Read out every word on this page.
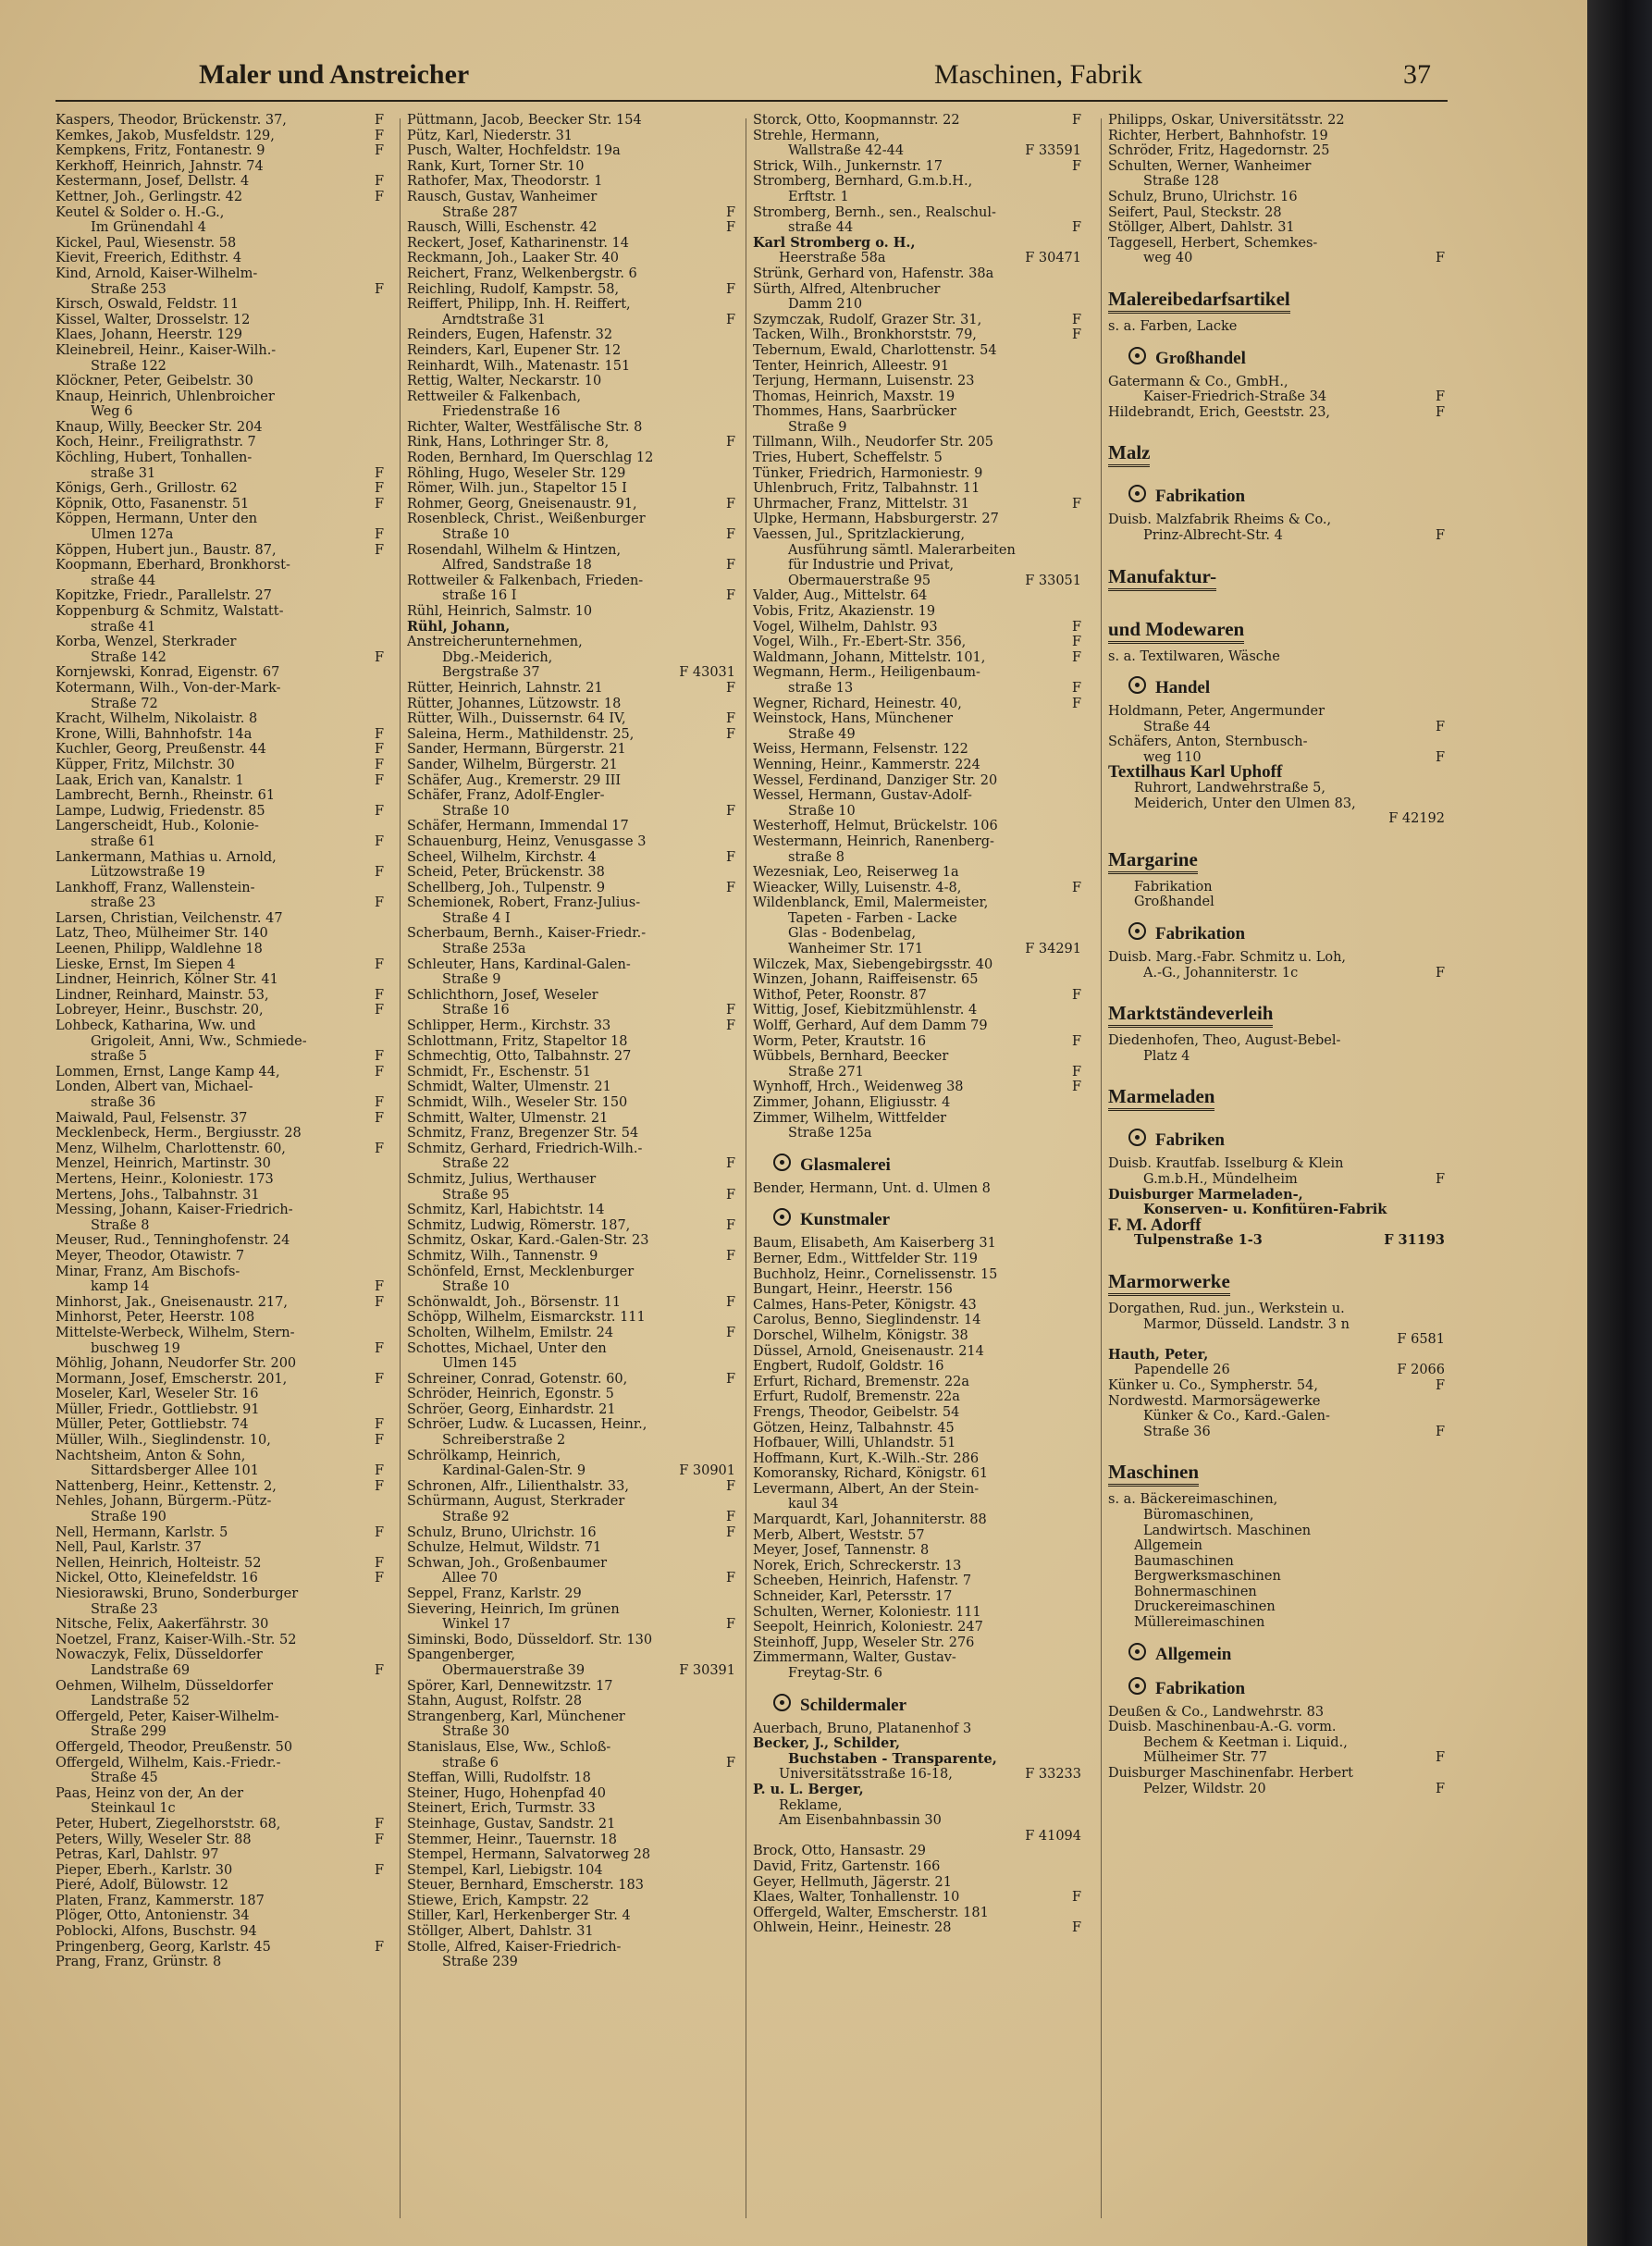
Maler und Anstreicher	Maschinen, Fabrik	37
Kaspers, Theodor, Brückenstr. 37,	F
Kemkes, Jakob, Musfeldstr. 129,	F
Kempkens, Fritz, Fontanestr. 9	F
Kerkhoff, Heinrich, Jahnstr. 74
Kestermann, Josef, Dellstr. 4	F
Kettner, Joh., Gerlingstr. 42	F
Keutel & Solder o. H.-G.,
Im Grünendahl 4
Kickel, Paul, Wiesenstr. 58
Kievit, Freerich, Edithstr. 4
Kind, Arnold, Kaiser-Wilhelm-
Straße 253	F
Kirsch, Oswald, Feldstr. 11
Kissel, Walter, Drosselstr. 12
Klaes, Johann, Heerstr. 129
Kleinebreil, Heinr., Kaiser-Wilh.-
Straße 122
Klöckner, Peter, Geibelstr. 30
Knaup, Heinrich, Uhlenbroicher
Weg 6
Knaup, Willy, Beecker Str. 204
Koch, Heinr., Freiligrathstr. 7
Köchling, Hubert, Tonhallen-
straße 31	F
Königs, Gerh., Grillostr. 62	F
Köpnik, Otto, Fasanenstr. 51	F
Köppen, Hermann, Unter den
Ulmen 127a	F
Köppen, Hubert jun., Baustr. 87,	F
Koopmann, Eberhard, Bronkhorst-
straße 44
Kopitzke, Friedr., Parallelstr. 27
Koppenburg & Schmitz, Walstatt-
straße 41
Korba, Wenzel, Sterkrader
Straße 142	F
Kornjewski, Konrad, Eigenstr. 67
Kotermann, Wilh., Von-der-Mark-
Straße 72
Kracht, Wilhelm, Nikolaistr. 8
Krone, Willi, Bahnhofstr. 14a	F
Kuchler, Georg, Preußenstr. 44	F
Küpper, Fritz, Milchstr. 30	F
Laak, Erich van, Kanalstr. 1	F
Lambrecht, Bernh., Rheinstr. 61
Lampe, Ludwig, Friedenstr. 85	F
Langerscheidt, Hub., Kolonie-
straße 61	F
Lankermann, Mathias u. Arnold,
Lützowstraße 19	F
Lankhoff, Franz, Wallenstein-
straße 23	F
Larsen, Christian, Veilchenstr. 47
Latz, Theo, Mülheimer Str. 140
Leenen, Philipp, Waldlehne 18
Lieske, Ernst, Im Siepen 4	F
Lindner, Heinrich, Kölner Str. 41
Lindner, Reinhard, Mainstr. 53,	F
Lobreyer, Heinr., Buschstr. 20,	F
Lohbeck, Katharina, Ww. und
Grigoleit, Anni, Ww., Schmiede-
straße 5	F
Lommen, Ernst, Lange Kamp 44,	F
Londen, Albert van, Michael-
straße 36	F
Maiwald, Paul, Felsenstr. 37	F
Mecklenbeck, Herm., Bergiusstr. 28
Menz, Wilhelm, Charlottenstr. 60,	F
Menzel, Heinrich, Martinstr. 30
Mertens, Heinr., Koloniestr. 173
Mertens, Johs., Talbahnstr. 31
Messing, Johann, Kaiser-Friedrich-
Straße 8
Meuser, Rud., Tenninghofenstr. 24
Meyer, Theodor, Otawistr. 7
Minar, Franz, Am Bischofs-
kamp 14	F
Minhorst, Jak., Gneisenaustr. 217,	F
Minhorst, Peter, Heerstr. 108
Mittelste-Werbeck, Wilhelm, Stern-
buschweg 19	F
Möhlig, Johann, Neudorfer Str. 200
Mormann, Josef, Emscherstr. 201,	F
Moseler, Karl, Weseler Str. 16
Müller, Friedr., Gottliebstr. 91
Müller, Peter, Gottliebstr. 74	F
Müller, Wilh., Sieglindenstr. 10,	F
Nachtsheim, Anton & Sohn,
Sittardsberger Allee 101	F
Nattenberg, Heinr., Kettenstr. 2,	F
Nehles, Johann, Bürgerm.-Pütz-
Straße 190
Nell, Hermann, Karlstr. 5	F
Nell, Paul, Karlstr. 37
Nellen, Heinrich, Holteistr. 52	F
Nickel, Otto, Kleinefeldstr. 16	F
Niesiorawski, Bruno, Sonderburger
Straße 23
Nitsche, Felix, Aakerfährstr. 30
Noetzel, Franz, Kaiser-Wilh.-Str. 52
Nowaczyk, Felix, Düsseldorfer
Landstraße 69	F
Oehmen, Wilhelm, Düsseldorfer
Landstraße 52
Offergeld, Peter, Kaiser-Wilhelm-
Straße 299
Offergeld, Theodor, Preußenstr. 50
Offergeld, Wilhelm, Kais.-Friedr.-
Straße 45
Paas, Heinz von der, An der
Steinkaul 1c
Peter, Hubert, Ziegelhorststr. 68,	F
Peters, Willy, Weseler Str. 88	F
Petras, Karl, Dahlstr. 97
Pieper, Eberh., Karlstr. 30	F
Pieré, Adolf, Bülowstr. 12
Platen, Franz, Kammerstr. 187
Plöger, Otto, Antonienstr. 34
Poblocki, Alfons, Buschstr. 94
Pringenberg, Georg, Karlstr. 45	F
Prang, Franz, Grünstr. 8
Püttmann, Jacob, Beecker Str. 154
Pütz, Karl, Niederstr. 31
Pusch, Walter, Hochfeldstr. 19a
Rank, Kurt, Torner Str. 10
Rathofer, Max, Theodorstr. 1
Rausch, Gustav, Wanheimer
Straße 287	F
Rausch, Willi, Eschenstr. 42	F
Reckert, Josef, Katharinenstr. 14
Reckmann, Joh., Laaker Str. 40
Reichert, Franz, Welkenbergstr. 6
Reichling, Rudolf, Kampstr. 58,	F
Reiffert, Philipp, Inh. H. Reiffert,
Arndtstraße 31	F
Reinders, Eugen, Hafenstr. 32
Reinders, Karl, Eupener Str. 12
Reinhardt, Wilh., Matenastr. 151
Rettig, Walter, Neckarstr. 10
Rettweiler & Falkenbach,
Friedenstraße 16
Richter, Walter, Westfälische Str. 8
Rink, Hans, Lothringer Str. 8,	F
Roden, Bernhard, Im Querschlag 12
Röhling, Hugo, Weseler Str. 129
Römer, Wilh. jun., Stapeltor 15 I
Rohmer, Georg, Gneisenaustr. 91,	F
Rosenbleck, Christ., Weißenburger
Straße 10	F
Rosendahl, Wilhelm & Hintzen,
Alfred, Sandstraße 18	F
Rottweiler & Falkenbach, Frieden-
straße 16 I	F
Rühl, Heinrich, Salmstr. 10
Rühl, Johann,
Anstreicherunternehmen,
Dbg.-Meiderich,
Bergstraße 37	F 43031
Rütter, Heinrich, Lahnstr. 21	F
Rütter, Johannes, Lützowstr. 18
Rütter, Wilh., Duissernstr. 64 IV,	F
Saleina, Herm., Mathildenstr. 25,	F
Sander, Hermann, Bürgerstr. 21
Sander, Wilhelm, Bürgerstr. 21
Schäfer, Aug., Kremerstr. 29 III
Schäfer, Franz, Adolf-Engler-
Straße 10	F
Schäfer, Hermann, Immendal 17
Schauenburg, Heinz, Venusgasse 3
Scheel, Wilhelm, Kirchstr. 4	F
Scheid, Peter, Brückenstr. 38
Schellberg, Joh., Tulpenstr. 9	F
Schemionek, Robert, Franz-Julius-
Straße 4 I
Scherbaum, Bernh., Kaiser-Friedr.-
Straße 253a
Schleuter, Hans, Kardinal-Galen-
Straße 9
Schlichthorn, Josef, Weseler
Straße 16	F
Schlipper, Herm., Kirchstr. 33	F
Schlottmann, Fritz, Stapeltor 18
Schmechtig, Otto, Talbahnstr. 27
Schmidt, Fr., Eschenstr. 51
Schmidt, Walter, Ulmenstr. 21
Schmidt, Wilh., Weseler Str. 150
Schmitt, Walter, Ulmenstr. 21
Schmitz, Franz, Bregenzer Str. 54
Schmitz, Gerhard, Friedrich-Wilh.-
Straße 22	F
Schmitz, Julius, Werthauser
Straße 95	F
Schmitz, Karl, Habichtstr. 14
Schmitz, Ludwig, Römerstr. 187,	F
Schmitz, Oskar, Kard.-Galen-Str. 23
Schmitz, Wilh., Tannenstr. 9	F
Schönfeld, Ernst, Mecklenburger
Straße 10
Schönwaldt, Joh., Börsenstr. 11	F
Schöpp, Wilhelm, Eismarckstr. 111
Scholten, Wilhelm, Emilstr. 24	F
Schottes, Michael, Unter den
Ulmen 145
Schreiner, Conrad, Gotenstr. 60,	F
Schröder, Heinrich, Egonstr. 5
Schröer, Georg, Einhardstr. 21
Schröer, Ludw. & Lucassen, Heinr.,
Schreiberstraße 2
Schrölkamp, Heinrich,
Kardinal-Galen-Str. 9	F 30901
Schronen, Alfr., Lilienthalstr. 33,	F
Schürmann, August, Sterkrader
Straße 92	F
Schulz, Bruno, Ulrichstr. 16	F
Schulze, Helmut, Wildstr. 71
Schwan, Joh., Großenbaumer
Allee 70	F
Seppel, Franz, Karlstr. 29
Sievering, Heinrich, Im grünen
Winkel 17	F
Siminski, Bodo, Düsseldorf. Str. 130
Spangenberger,
Obermauerstraße 39	F 30391
Spörer, Karl, Dennewitzstr. 17
Stahn, August, Rolfstr. 28
Strangenberg, Karl, Münchener
Straße 30
Stanislaus, Else, Ww., Schloß-
straße 6	F
Steffan, Willi, Rudolfstr. 18
Steiner, Hugo, Hohenpfad 40
Steinert, Erich, Turmstr. 33
Steinhage, Gustav, Sandstr. 21
Stemmer, Heinr., Tauernstr. 18
Stempel, Hermann, Salvatorweg 28
Stempel, Karl, Liebigstr. 104
Steuer, Bernhard, Emscherstr. 183
Stiewe, Erich, Kampstr. 22
Stiller, Karl, Herkenberger Str. 4
Stöllger, Albert, Dahlstr. 31
Stolle, Alfred, Kaiser-Friedrich-
Straße 239
Storck, Otto, Koopmannstr. 22	F
Strehle, Hermann,
Wallstraße 42-44	F 33591
Strick, Wilh., Junkernstr. 17	F
Stromberg, Bernhard, G.m.b.H.,
Erftstr. 1
Stromberg, Bernh., sen., Realschul-
straße 44	F
Karl Stromberg o. H.,
Heerstraße 58a	F 30471
Strünk, Gerhard von, Hafenstr. 38a
Sürth, Alfred, Altenbrucher
Damm 210
Szymczak, Rudolf, Grazer Str. 31,	F
Tacken, Wilh., Bronkhorststr. 79,	F
Tebernum, Ewald, Charlottenstr. 54
Tenter, Heinrich, Alleestr. 91
Terjung, Hermann, Luisenstr. 23
Thomas, Heinrich, Maxstr. 19
Thommes, Hans, Saarbrücker
Straße 9
Tillmann, Wilh., Neudorfer Str. 205
Tries, Hubert, Scheffelstr. 5
Tünker, Friedrich, Harmoniestr. 9
Uhlenbruch, Fritz, Talbahnstr. 11
Uhrmacher, Franz, Mittelstr. 31	F
Ulpke, Hermann, Habsburgerstr. 27
Vaessen, Jul., Spritzlackierung,
Ausführung sämtl. Malerarbeiten
für Industrie und Privat,
Obermauerstraße 95	F 33051
Valder, Aug., Mittelstr. 64
Vobis, Fritz, Akazienstr. 19
Vogel, Wilhelm, Dahlstr. 93	F
Vogel, Wilh., Fr.-Ebert-Str. 356,	F
Waldmann, Johann, Mittelstr. 101,	F
Wegmann, Herm., Heiligenbaum-
straße 13	F
Wegner, Richard, Heinestr. 40,	F
Weinstock, Hans, Münchener
Straße 49
Weiss, Hermann, Felsenstr. 122
Wenning, Heinr., Kammerstr. 224
Wessel, Ferdinand, Danziger Str. 20
Wessel, Hermann, Gustav-Adolf-
Straße 10
Westerhoff, Helmut, Brückelstr. 106
Westermann, Heinrich, Ranenberg-
straße 8
Wezesniak, Leo, Reiserweg 1a
Wieacker, Willy, Luisenstr. 4-8,	F
Wildenblanck, Emil, Malermeister,
Tapeten - Farben - Lacke
Glas - Bodenbelag,
Wanheimer Str. 171	F 34291
Wilczek, Max, Siebengebirgsstr. 40
Winzen, Johann, Raiffeisenstr. 65
Withof, Peter, Roonstr. 87	F
Wittig, Josef, Kiebitzmühlenstr. 4
Wolff, Gerhard, Auf dem Damm 79
Worm, Peter, Krautstr. 16	F
Wübbels, Bernhard, Beecker
Straße 271	F
Wynhoff, Hrch., Weidenweg 38	F
Zimmer, Johann, Eligiusstr. 4
Zimmer, Wilhelm, Wittfelder
Straße 125a
Glasmalerei
Bender, Hermann, Unt. d. Ulmen 8
Kunstmaler
Baum, Elisabeth, Am Kaiserberg 31
Berner, Edm., Wittfelder Str. 119
Buchholz, Heinr., Cornelissenstr. 15
Bungart, Heinr., Heerstr. 156
Calmes, Hans-Peter, Königstr. 43
Carolus, Benno, Sieglindenstr. 14
Dorschel, Wilhelm, Königstr. 38
Düssel, Arnold, Gneisenaustr. 214
Engbert, Rudolf, Goldstr. 16
Erfurt, Richard, Bremenstr. 22a
Erfurt, Rudolf, Bremenstr. 22a
Frengs, Theodor, Geibelstr. 54
Götzen, Heinz, Talbahnstr. 45
Hofbauer, Willi, Uhlandstr. 51
Hoffmann, Kurt, K.-Wilh.-Str. 286
Komoransky, Richard, Königstr. 61
Levermann, Albert, An der Stein-
kaul 34
Marquardt, Karl, Johanniterstr. 88
Merb, Albert, Weststr. 57
Meyer, Josef, Tannenstr. 8
Norek, Erich, Schreckerstr. 13
Scheeben, Heinrich, Hafenstr. 7
Schneider, Karl, Petersstr. 17
Schulten, Werner, Koloniestr. 111
Seepolt, Heinrich, Koloniestr. 247
Steinhoff, Jupp, Weseler Str. 276
Zimmermann, Walter, Gustav-
Freytag-Str. 6
Schildermaler
Auerbach, Bruno, Platanenhof 3
Becker, J., Schilder,
Buchstaben - Transparente,
Universitätsstraße 16-18,	F 33233
P. u. L. Berger,
Reklame,
Am Eisenbahnbassin 30
F 41094
Brock, Otto, Hansastr. 29
David, Fritz, Gartenstr. 166
Geyer, Hellmuth, Jägerstr. 21
Klaes, Walter, Tonhallenstr. 10	F
Offergeld, Walter, Emscherstr. 181
Ohlwein, Heinr., Heinestr. 28	F
Philipps, Oskar, Universitätsstr. 22
Richter, Herbert, Bahnhofstr. 19
Schröder, Fritz, Hagedornstr. 25
Schulten, Werner, Wanheimer
Straße 128
Schulz, Bruno, Ulrichstr. 16
Seifert, Paul, Steckstr. 28
Stöllger, Albert, Dahlstr. 31
Taggesell, Herbert, Schemkes-
weg 40	F
Malereibedarfsartikel
s. a. Farben, Lacke
Großhandel
Gatermann & Co., GmbH.,
Kaiser-Friedrich-Straße 34	F
Hildebrandt, Erich, Geeststr. 23,	F
Malz
Fabrikation
Duisb. Malzfabrik Rheims & Co.,
Prinz-Albrecht-Str. 4	F
Manufaktur-
und Modewaren
s. a. Textilwaren, Wäsche
Handel
Holdmann, Peter, Angermunder
Straße 44	F
Schäfers, Anton, Sternbusch-
weg 110	F
Textilhaus Karl Uphoff
Ruhrort, Landwehrstraße 5,
Meiderich, Unter den Ulmen 83,
F 42192
Margarine
Fabrikation
Großhandel
Fabrikation
Duisb. Marg.-Fabr. Schmitz u. Loh,
A.-G., Johanniterstr. 1c	F
Marktständeverleih
Diedenhofen, Theo, August-Bebel-
Platz 4
Marmeladen
Fabriken
Duisb. Krautfab. Isselburg & Klein
G.m.b.H., Mündelheim	F
Duisburger Marmeladen-,
Konserven- u. Konfitüren-Fabrik
F. M. Adorff
Tulpenstraße 1-3	F 31193
Marmorwerke
Dorgathen, Rud. jun., Werkstein u.
Marmor, Düsseld. Landstr. 3 n
F 6581
Hauth, Peter,
Papendelle 26	F 2066
Künker u. Co., Sympherstr. 54,	F
Nordwestd. Marmorsägewerke
Künker & Co., Kard.-Galen-
Straße 36	F
Maschinen
s. a. Bäckereimaschinen,
Büromaschinen,
Landwirtsch. Maschinen
Allgemein
Baumaschinen
Bergwerksmaschinen
Bohnermaschinen
Druckereimaschinen
Müllereimaschinen
Allgemein
Fabrikation
Deußen & Co., Landwehrstr. 83
Duisb. Maschinenbau-A.-G. vorm.
Bechem & Keetman i. Liquid.,
Mülheimer Str. 77	F
Duisburger Maschinenfabr. Herbert
Pelzer, Wildstr. 20	F
